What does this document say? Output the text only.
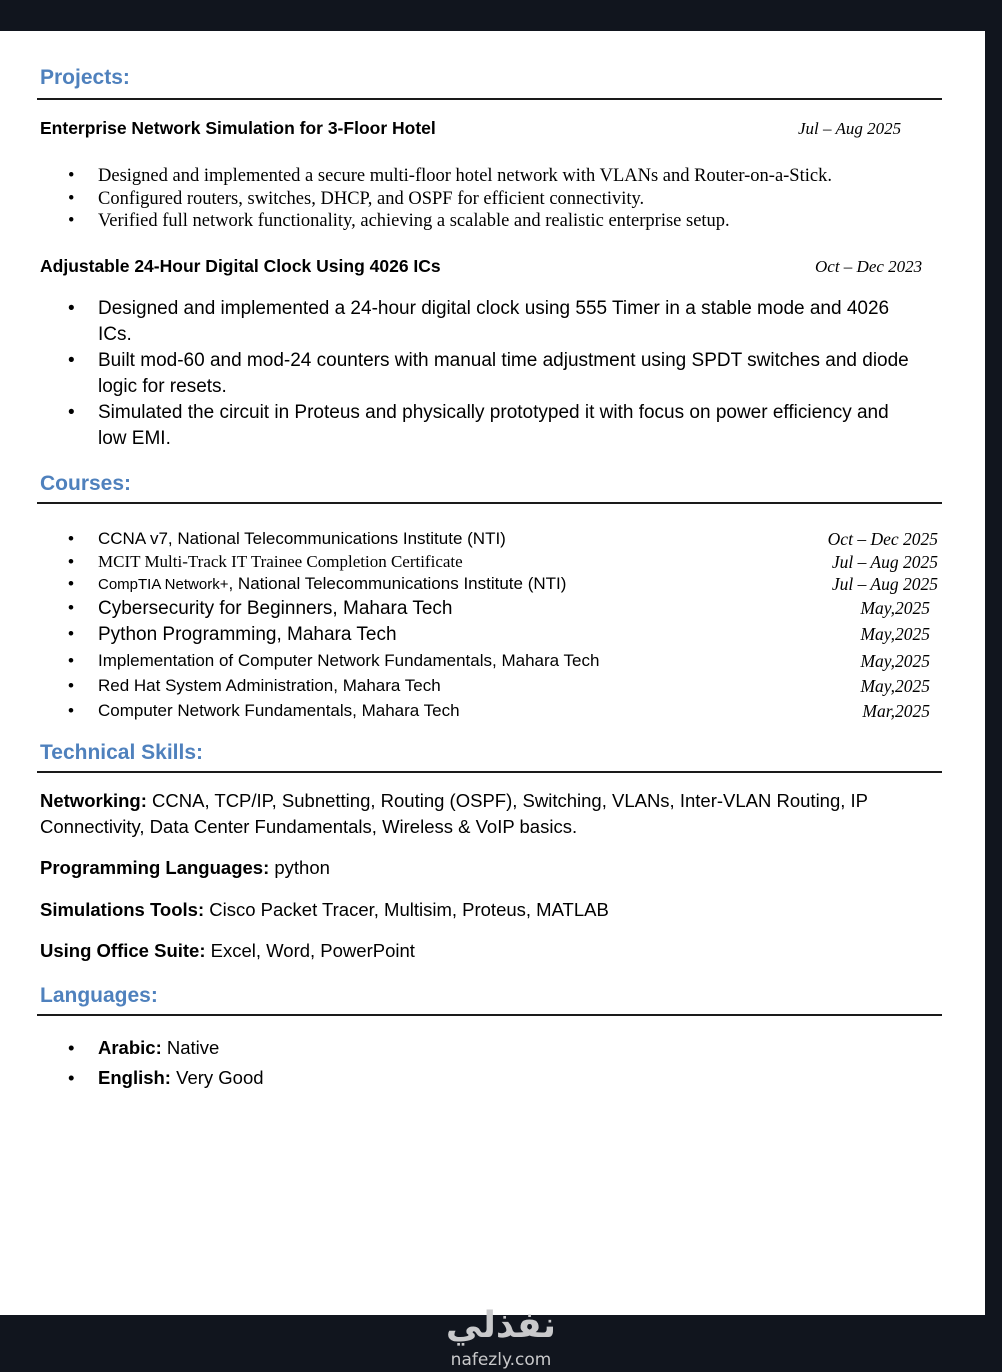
Projects:
Enterprise Network Simulation for 3-Floor Hotel	Jul – Aug 2025
• Designed and implemented a secure multi-floor hotel network with VLANs and Router-on-a-Stick.
• Configured routers, switches, DHCP, and OSPF for efficient connectivity.
• Verified full network functionality, achieving a scalable and realistic enterprise setup.
Adjustable 24-Hour Digital Clock Using 4026 ICs	Oct – Dec 2023
• Designed and implemented a 24-hour digital clock using 555 Timer in a stable mode and 4026 ICs.
• Built mod-60 and mod-24 counters with manual time adjustment using SPDT switches and diode logic for resets.
• Simulated the circuit in Proteus and physically prototyped it with focus on power efficiency and low EMI.
Courses:
• CCNA v7, National Telecommunications Institute (NTI)	Oct – Dec 2025
• MCIT Multi-Track IT Trainee Completion Certificate	Jul – Aug 2025
• CompTIA Network+, National Telecommunications Institute (NTI)	Jul – Aug 2025
• Cybersecurity for Beginners, Mahara Tech	May,2025
• Python Programming, Mahara Tech	May,2025
• Implementation of Computer Network Fundamentals, Mahara Tech	May,2025
• Red Hat System Administration, Mahara Tech	May,2025
• Computer Network Fundamentals, Mahara Tech	Mar,2025
Technical Skills:
Networking: CCNA, TCP/IP, Subnetting, Routing (OSPF), Switching, VLANs, Inter-VLAN Routing, IP Connectivity, Data Center Fundamentals, Wireless & VoIP basics.
Programming Languages: python
Simulations Tools: Cisco Packet Tracer, Multisim, Proteus, MATLAB
Using Office Suite: Excel, Word, PowerPoint
Languages:
• Arabic: Native
• English: Very Good
نفذلي
nafezly.com
